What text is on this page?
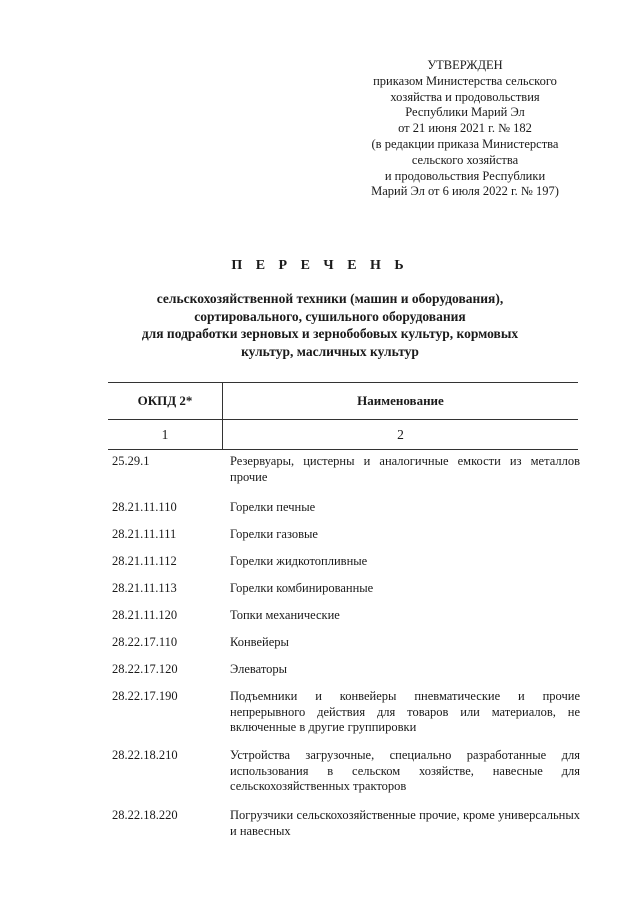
УТВЕРЖДЕН
приказом Министерства сельского
хозяйства и продовольствия
Республики Марий Эл
от 21 июня 2021 г. № 182
(в редакции приказа Министерства
сельского хозяйства
и продовольствия Республики
Марий Эл от 6 июля 2022 г. № 197)
П Е Р Е Ч Е Н Ь
сельскохозяйственной техники (машин и оборудования),
сортировального, сушильного оборудования
для подработки зерновых и зернобобовых культур, кормовых
культур, масличных культур
ОКПД 2*	Наименование
1	2
25.29.1	Резервуары, цистерны и аналогичные емкости из металлов прочие
28.21.11.110	Горелки печные
28.21.11.111	Горелки газовые
28.21.11.112	Горелки жидкотопливные
28.21.11.113	Горелки комбинированные
28.21.11.120	Топки механические
28.22.17.110	Конвейеры
28.22.17.120	Элеваторы
28.22.17.190	Подъемники и конвейеры пневматические и прочие непрерывного действия для товаров или материалов, не включенные в другие группировки
28.22.18.210	Устройства загрузочные, специально разработанные для использования в сельском хозяйстве, навесные для сельскохозяйственных тракторов
28.22.18.220	Погрузчики сельскохозяйственные прочие, кроме универсальных и навесных
